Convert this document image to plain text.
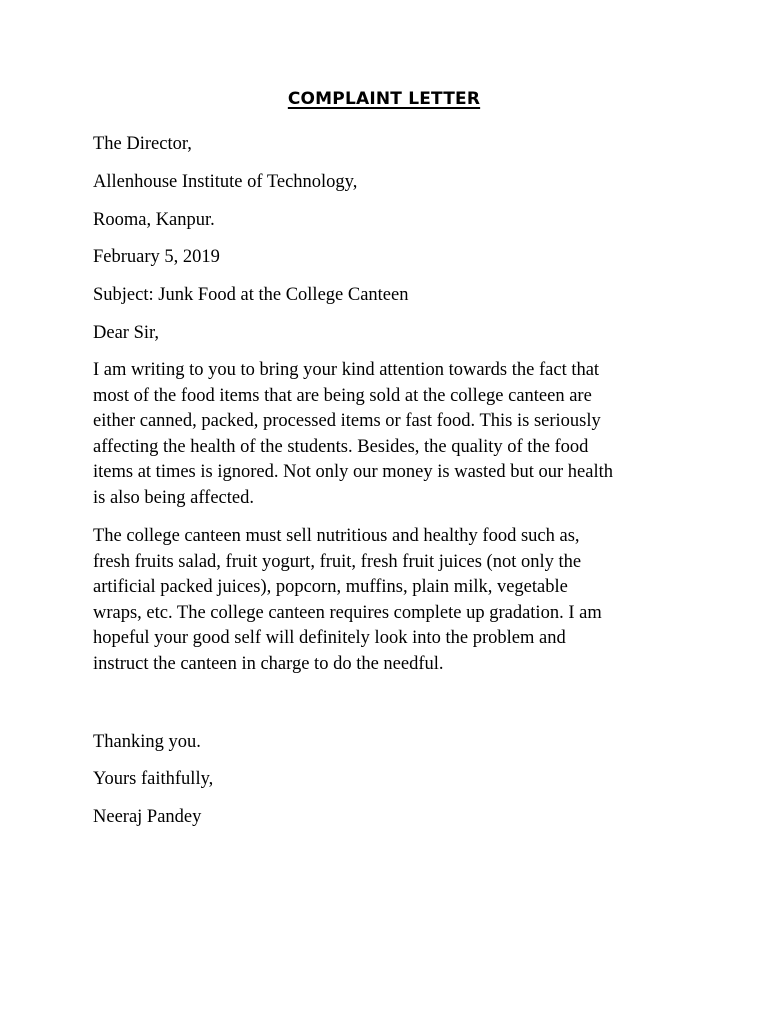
COMPLAINT LETTER
The Director,
Allenhouse Institute of Technology,
Rooma, Kanpur.
February 5, 2019
Subject: Junk Food at the College Canteen
Dear Sir,
I am writing to you to bring your kind attention towards the fact that
most of the food items that are being sold at the college canteen are
either canned, packed, processed items or fast food. This is seriously
affecting the health of the students. Besides, the quality of the food
items at times is ignored. Not only our money is wasted but our health
is also being affected.
The college canteen must sell nutritious and healthy food such as,
fresh fruits salad, fruit yogurt, fruit, fresh fruit juices (not only the
artificial packed juices), popcorn, muffins, plain milk, vegetable
wraps, etc. The college canteen requires complete up gradation. I am
hopeful your good self will definitely look into the problem and
instruct the canteen in charge to do the needful.
Thanking you.
Yours faithfully,
Neeraj Pandey
